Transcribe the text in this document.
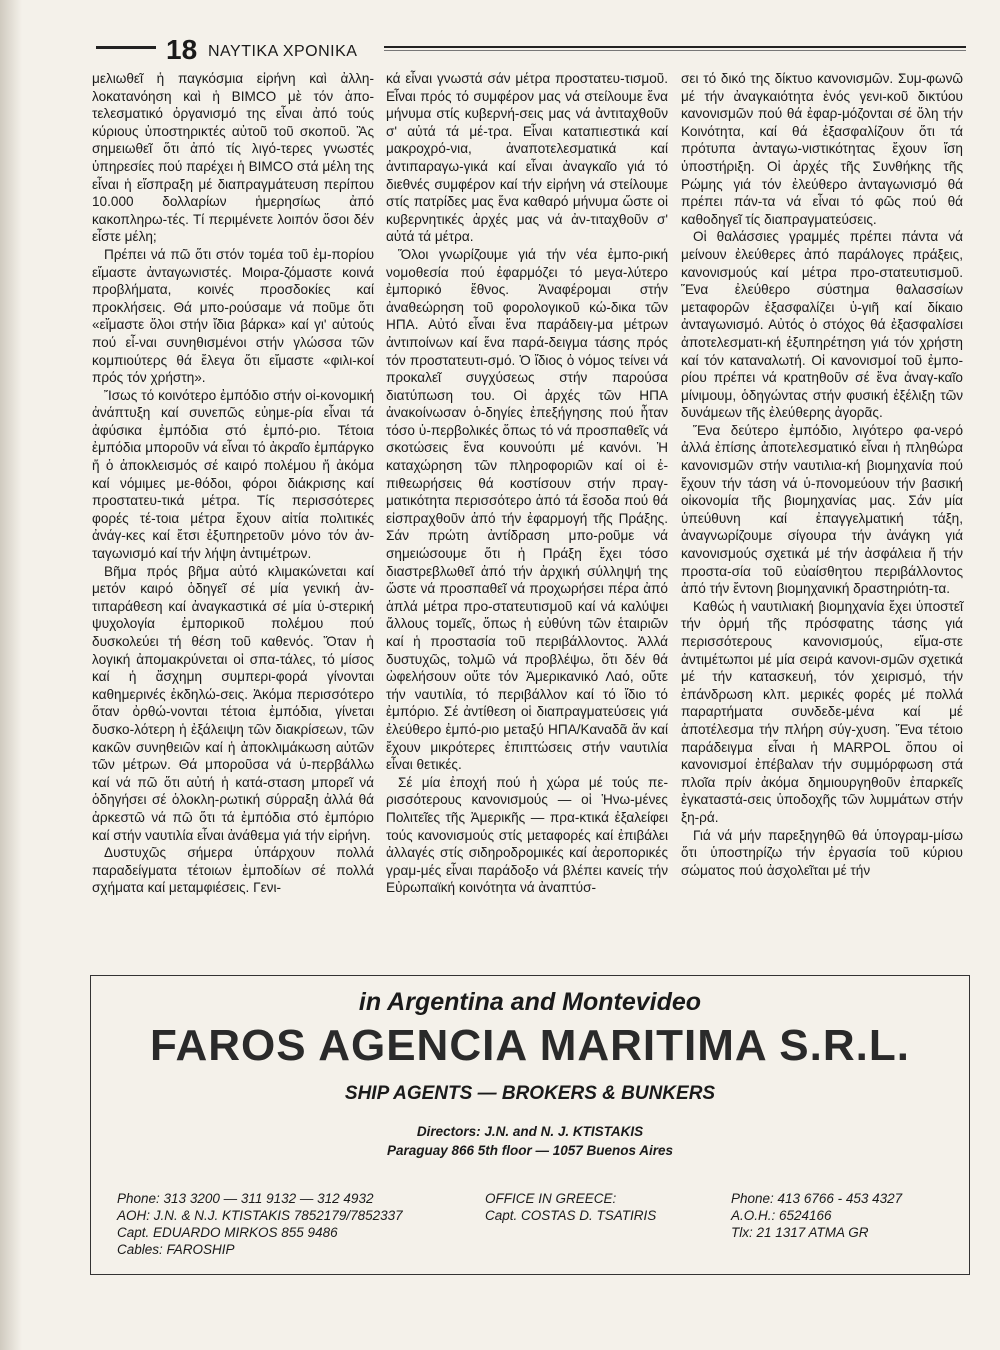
18 ΝΑΥΤΙΚΑ ΧΡΟΝΙΚΑ

μελιωθεῖ ἡ παγκόσμια εἰρήνη καὶ ἀλλη-λοκατανόηση καὶ ἡ BIMCO μὲ τόν ἀπο-τελεσματικό ὀργανισμό της εἶναι ἀπό τούς κύριους ὑποστηρικτές αὐτοῦ τοῦ σκοποῦ. Ἂς σημειωθεῖ ὅτι ἀπό τίς λιγό-τερες γνωστές ὑπηρεσίες πού παρέχει ἡ BIMCO στά μέλη της εἶναι ἡ εἴσπραξη μέ διαπραγμάτευση περίπου 10.000 δολλαρίων ἡμερησίως ἀπό κακοπληρω-τές. Τί περιμένετε λοιπόν ὅσοι δέν εἶστε μέλη;

Πρέπει νά πῶ ὅτι στόν τομέα τοῦ ἐμ-πορίου εἴμαστε ἀνταγωνιστές. Μοιρα-ζόμαστε κοινά προβλήματα, κοινές προσδοκίες καί προκλήσεις. Θά μπο-ρούσαμε νά ποῦμε ὅτι «εἴμαστε ὅλοι στήν ἴδια βάρκα» καί γι' αὐτούς πού εἶ-ναι συνηθισμένοι στήν γλώσσα τῶν κομπιούτερς θά ἔλεγα ὅτι εἴμαστε «φιλι-κοί πρός τόν χρήστη».

Ἴσως τό κοινότερο ἐμπόδιο στήν οἰ-κονομική ἀνάπτυξη καί συνεπῶς εὐημε-ρία εἶναι τά ἀφύσικα ἐμπόδια στό ἐμπό-ριο. Τέτοια ἐμπόδια μποροῦν νά εἶναι τό ἀκραῖο ἐμπάργκο ἤ ὁ ἀποκλεισμός σέ καιρό πολέμου ἤ ἀκόμα καί νόμιμες με-θόδοι, φόροι διάκρισης καί προστατευ-τικά μέτρα. Τίς περισσότερες φορές τέ-τοια μέτρα ἔχουν αἰτία πολιτικές ἀνάγ-κες καί ἔτσι ἐξυπηρετοῦν μόνο τόν ἀν-ταγωνισμό καί τήν λήψη ἀντιμέτρων.

Βῆμα πρός βῆμα αὐτό κλιμακώνεται καί μετόν καιρό ὁδηγεῖ σέ μία γενική ἀν-τιπαράθεση καί ἀναγκαστικά σέ μία ὑ-στερική ψυχολογία ἐμπορικοῦ πολέμου πού δυσκολεύει τή θέση τοῦ καθενός. Ὅταν ἡ λογική ἀπομακρύνεται οἱ σπα-τάλες, τό μίσος καί ἡ ἄσχημη συμπερι-φορά γίνονται καθημερινές ἐκδηλώ-σεις. Ἀκόμα περισσότερο ὅταν ὀρθώ-νονται τέτοια ἐμπόδια, γίνεται δυσκο-λότερη ἡ ἐξάλειψη τῶν διακρίσεων, τῶν κακῶν συνηθειῶν καί ἡ ἀποκλιμάκωση αὐτῶν τῶν μέτρων. Θά μποροῦσα νά ὑ-περβάλλω καί νά πῶ ὅτι αὐτή ἡ κατά-σταση μπορεῖ νά ὁδηγήσει σέ ὁλοκλη-ρωτική σύρραξη ἀλλά θά ἀρκεστῶ νά πῶ ὅτι τά ἐμπόδια στό ἐμπόριο καί στήν ναυτιλία εἶναι ἀνάθεμα γιά τήν εἰρήνη.

Δυστυχῶς σήμερα ὑπάρχουν πολλά παραδείγματα τέτοιων ἐμποδίων σέ πολλά σχήματα καί μεταμφιέσεις. Γενι-

κά εἶναι γνωστά σάν μέτρα προστατευ-τισμοῦ. Εἶναι πρός τό συμφέρον μας νά στείλουμε ἕνα μήνυμα στίς κυβερνή-σεις μας νά ἀντιταχθοῦν σ' αὐτά τά μέ-τρα. Εἶναι καταπιεστικά καί μακροχρό-νια, ἀναποτελεσματικά καί ἀντιπαραγω-γικά καί εἶναι ἀναγκαῖο γιά τό διεθνές συμφέρον καί τήν εἰρήνη νά στείλουμε στίς πατρίδες μας ἕνα καθαρό μήνυμα ὥστε οἱ κυβερνητικές ἀρχές μας νά ἀν-τιταχθοῦν σ' αὐτά τά μέτρα.

Ὅλοι γνωρίζουμε γιά τήν νέα ἐμπο-ρική νομοθεσία πού ἐφαρμόζει τό μεγα-λύτερο ἐμπορικό ἔθνος. Ἀναφέρομαι στήν ἀναθεώρηση τοῦ φορολογικοῦ κώ-δικα τῶν ΗΠΑ. Αὐτό εἶναι ἕνα παράδειγ-μα μέτρων ἀντιποίνων καί ἕνα παρά-δειγμα τάσης πρός τόν προστατευτι-σμό. Ὁ ἴδιος ὁ νόμος τείνει νά προκαλεῖ συγχύσεως στήν παρούσα διατύπωση του. Οἱ ἀρχές τῶν ΗΠΑ ἀνακοίνωσαν ὁ-δηγίες ἐπεξήγησης πού ἦταν τόσο ὑ-περβολικές ὅπως τό νά προσπαθεῖς νά σκοτώσεις ἕνα κουνούπι μέ κανόνι. Ἡ καταχώρηση τῶν πληροφοριῶν καί οἱ ἐ-πιθεωρήσεις θά κοστίσουν στήν πραγ-ματικότητα περισσότερο ἀπό τά ἔσοδα πού θά εἰσπραχθοῦν ἀπό τήν ἐφαρμογή τῆς Πράξης. Σάν πρώτη ἀντίδραση μπο-ροῦμε νά σημειώσουμε ὅτι ἡ Πράξη ἔχει τόσο διαστρεβλωθεῖ ἀπό τήν ἀρχική σύλληψή της ὥστε νά προσπαθεῖ νά προχωρήσει πέρα ἀπό ἁπλά μέτρα προ-στατευτισμοῦ καί νά καλύψει ἄλλους τομεῖς, ὅπως ἡ εὐθύνη τῶν ἑταιριῶν καί ἡ προστασία τοῦ περιβάλλοντος. Ἀλλά δυστυχῶς, τολμῶ νά προβλέψω, ὅτι δέν θά ὠφελήσουν οὔτε τόν Ἀμερικανικό Λαό, οὔτε τήν ναυτιλία, τό περιβάλλον καί τό ἴδιο τό ἐμπόριο. Σέ ἀντίθεση οἱ διαπραγματεύσεις γιά ἐλεύθερο ἐμπό-ριο μεταξύ ΗΠΑ/Καναδᾶ ἄν καί ἔχουν μικρότερες ἐπιπτώσεις στήν ναυτιλία εἶναι θετικές.

Σέ μία ἐποχή πού ἡ χώρα μέ τούς πε-ρισσότερους κανονισμούς — οἱ Ἡνω-μένες Πολιτεῖες τῆς Ἀμερικῆς — πρα-κτικά ἐξαλείφει τούς κανονισμούς στίς μεταφορές καί ἐπιβάλει ἀλλαγές στίς σιδηροδρομικές καί ἀεροπορικές γραμ-μές εἶναι παράδοξο νά βλέπει κανείς τήν Εὐρωπαϊκή κοινότητα νά ἀναπτύσ-

σει τό δικό της δίκτυο κανονισμῶν. Συμ-φωνῶ μέ τήν ἀναγκαιότητα ἑνός γενι-κοῦ δικτύου κανονισμῶν πού θά ἐφαρ-μόζονται σέ ὅλη τήν Κοινότητα, καί θά ἐξασφαλίζουν ὅτι τά πρότυπα ἀνταγω-νιστικότητας ἔχουν ἴση ὑποστήριξη. Οἱ ἀρχές τῆς Συνθήκης τῆς Ρώμης γιά τόν ἐλεύθερο ἀνταγωνισμό θά πρέπει πάν-τα νά εἶναι τό φῶς πού θά καθοδηγεῖ τίς διαπραγματεύσεις.

Οἱ θαλάσσιες γραμμές πρέπει πάντα νά μείνουν ἐλεύθερες ἀπό παράλογες πράξεις, κανονισμούς καί μέτρα προ-στατευτισμοῦ. Ἕνα ἐλεύθερο σύστημα θαλασσίων μεταφορῶν ἐξασφαλίζει ὑ-γιῆ καί δίκαιο ἀνταγωνισμό. Αὐτός ὁ στόχος θά ἐξασφαλίσει ἀποτελεσματι-κή ἐξυπηρέτηση γιά τόν χρήστη καί τόν καταναλωτή. Οἱ κανονισμοί τοῦ ἐμπο-ρίου πρέπει νά κρατηθοῦν σέ ἕνα ἀναγ-καῖο μίνιμουμ, ὁδηγώντας στήν φυσική ἐξέλιξη τῶν δυνάμεων τῆς ἐλεύθερης ἀγορᾶς.

Ἕνα δεύτερο ἐμπόδιο, λιγότερο φα-νερό ἀλλά ἐπίσης ἀποτελεσματικό εἶναι ἡ πληθώρα κανονισμῶν στήν ναυτιλια-κή βιομηχανία πού ἔχουν τήν τάση νά ὑ-πονομεύουν τήν βασική οἰκονομία τῆς βιομηχανίας μας. Σάν μία ὑπεύθυνη καί ἐπαγγελματική τάξη, ἀναγνωρίζουμε σίγουρα τήν ἀνάγκη γιά κανονισμούς σχετικά μέ τήν ἀσφάλεια ἤ τήν προστα-σία τοῦ εὐαίσθητου περιβάλλοντος ἀπό τήν ἔντονη βιομηχανική δραστηριότη-τα.

Καθώς ἡ ναυτιλιακή βιομηχανία ἔχει ὑποστεῖ τήν ὁρμή τῆς πρόσφατης τάσης γιά περισσότερους κανονισμούς, εἴμα-στε ἀντιμέτωποι μέ μία σειρά κανονι-σμῶν σχετικά μέ τήν κατασκευή, τόν χειρισμό, τήν ἐπάνδρωση κλπ. μερικές φορές μέ πολλά παραρτήματα συνδεδε-μένα καί μέ ἀποτέλεσμα τήν πλήρη σύγ-χυση. Ἕνα τέτοιο παράδειγμα εἶναι ἡ MARPOL ὅπου οἱ κανονισμοί ἐπέβαλαν τήν συμμόρφωση στά πλοῖα πρίν ἀκόμα δημιουργηθοῦν ἐπαρκεῖς ἐγκαταστά-σεις ὑποδοχῆς τῶν λυμμάτων στήν ξη-ρά.

Γιά νά μήν παρεξηγηθῶ θά ὑπογραμ-μίσω ὅτι ὑποστηρίζω τήν ἐργασία τοῦ κύριου σώματος πού ἀσχολεῖται μέ τήν

in Argentina and Montevideo
FAROS AGENCIA MARITIMA S.R.L.
SHIP AGENTS — BROKERS & BUNKERS
Directors: J.N. and N. J. KTISTAKIS
Paraguay 866 5th floor — 1057 Buenos Aires
Phone: 313 3200 — 311 9132 — 312 4932
AOH: J.N. & N.J. KTISTAKIS 7852179/7852337
Capt. EDUARDO MIRKOS 855 9486
Cables: FAROSHIP
OFFICE IN GREECE:
Capt. COSTAS D. TSATIRIS
Phone: 413 6766 - 453 4327
A.O.H.: 6524166
Tlx: 21 1317 ATMA GR
